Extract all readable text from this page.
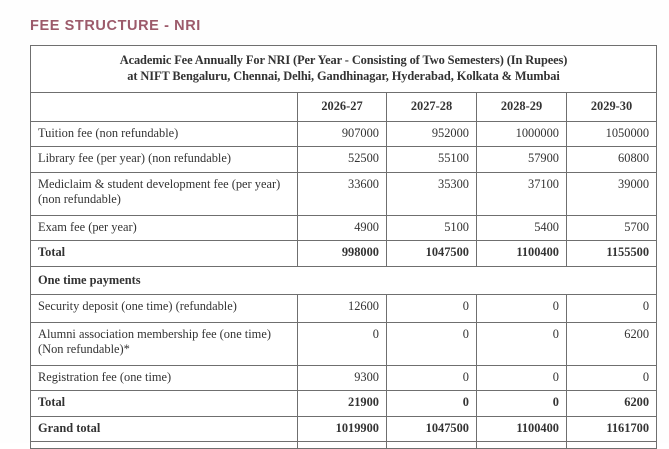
FEE STRUCTURE - NRI
Academic Fee Annually For NRI (Per Year - Consisting of Two Semesters) (In Rupees)
at NIFT Bengaluru, Chennai, Delhi, Gandhinagar, Hyderabad, Kolkata & Mumbai				
	2026-27	2027-28	2028-29	2029-30
Tuition fee (non refundable)	907000	952000	1000000	1050000
Library fee (per year) (non refundable)	52500	55100	57900	60800
Mediclaim & student development fee (per year) (non refundable)	33600	35300	37100	39000
Exam fee (per year)	4900	5100	5400	5700
Total	998000	1047500	1100400	1155500
One time payments				
Security deposit (one time) (refundable)	12600	0	0	0
Alumni association membership fee (one time) (Non refundable)*	0	0	0	6200
Registration fee (one time)	9300	0	0	0
Total	21900	0	0	6200
Grand total	1019900	1047500	1100400	1161700
